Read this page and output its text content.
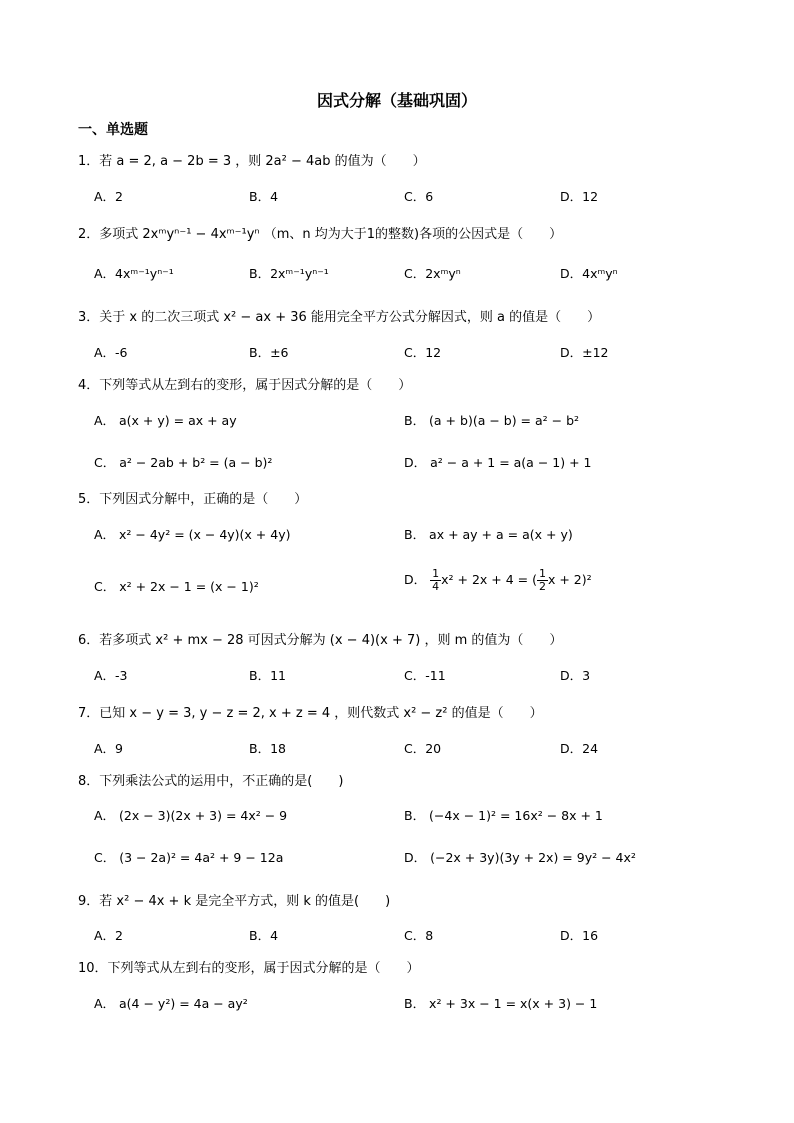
因式分解（基础巩固）
一、单选题
1．若 a = 2, a − 2b = 3 ，则 2a² − 4ab 的值为（　　）
A．2	B．4	C．6	D．12
2．多项式 2xᵐyⁿ⁻¹ − 4xᵐ⁻¹yⁿ （m、n 均为大于1的整数)各项的公因式是（　　）
A．4xᵐ⁻¹yⁿ⁻¹	B．2xᵐ⁻¹yⁿ⁻¹	C．2xᵐyⁿ	D．4xᵐyⁿ
3．关于 x 的二次三项式 x² − ax + 36 能用完全平方公式分解因式，则 a 的值是（　　）
A．-6	B．±6	C．12	D．±12
4．下列等式从左到右的变形，属于因式分解的是（　　）
A． a(x + y) = ax + ay	B． (a + b)(a − b) = a² − b²
C． a² − 2ab + b² = (a − b)²	D． a² − a + 1 = a(a − 1) + 1
5．下列因式分解中，正确的是（　　）
A． x² − 4y² = (x − 4y)(x + 4y)	B． ax + ay + a = a(x + y)
C． x² + 2x − 1 = (x − 1)²	D． $\frac{1}{4} x^2 + 2x + 4$ = ( $\frac{1}{2}$ x + 2)²
6．若多项式 x² + mx − 28 可因式分解为 (x − 4)(x + 7) ，则 m 的值为（　　）
A．-3	B．11	C．-11	D．3
7．已知 x − y = 3, y − z = 2, x + z = 4 ，则代数式 x² − z² 的值是（　　）
A．9	B．18	C．20	D．24
8．下列乘法公式的运用中，不正确的是(　　)
A． (2x − 3)(2x + 3) = 4x² − 9	B． (−4x − 1)² = 16x² − 8x + 1
C． (3 − 2a)² = 4a² + 9 − 12a	D． (−2x + 3y)(3y + 2x) = 9y² − 4x²
9．若 x² − 4x + k 是完全平方式，则 k 的值是(　　)
A．2	B．4	C．8	D．16
10．下列等式从左到右的变形，属于因式分解的是（　　）
A． a(4 − y²) = 4a − ay²	B． x² + 3x − 1 = x(x + 3) − 1
